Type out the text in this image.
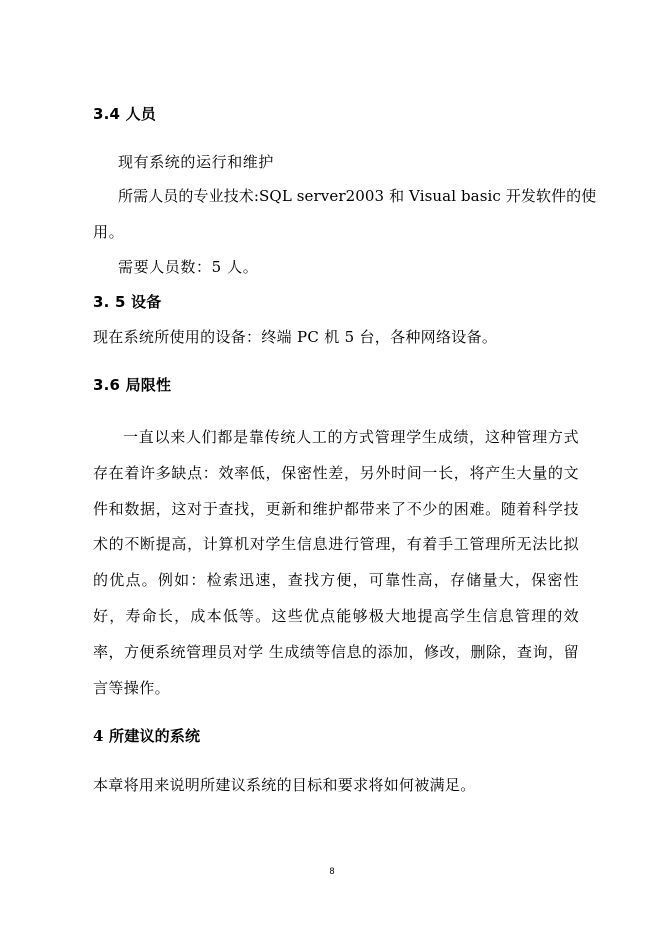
3.4 人员
现有系统的运行和维护
所需人员的专业技术:SQL server2003 和 Visual basic 开发软件的使
用。
需要人员数：5 人。
3. 5 设备
现在系统所使用的设备：终端 PC 机 5 台，各种网络设备。
3.6 局限性

一直以来人们都是靠传统人工的方式管理学生成绩，这种管理方式存在着许多缺点：效率低，保密性差，另外时间一长，将产生大量的文件和数据，这对于查找，更新和维护都带来了不少的困难。随着科学技术的不断提高，计算机对学生信息进行管理，有着手工管理所无法比拟的优点。例如：检索迅速，查找方便，可靠性高，存储量大，保密性好，寿命长，成本低等。这些优点能够极大地提高学生信息管理的效率，方便系统管理员对学 生成绩等信息的添加，修改，删除，查询，留言等操作。

4 所建议的系统
本章将用来说明所建议系统的目标和要求将如何被满足。
8
